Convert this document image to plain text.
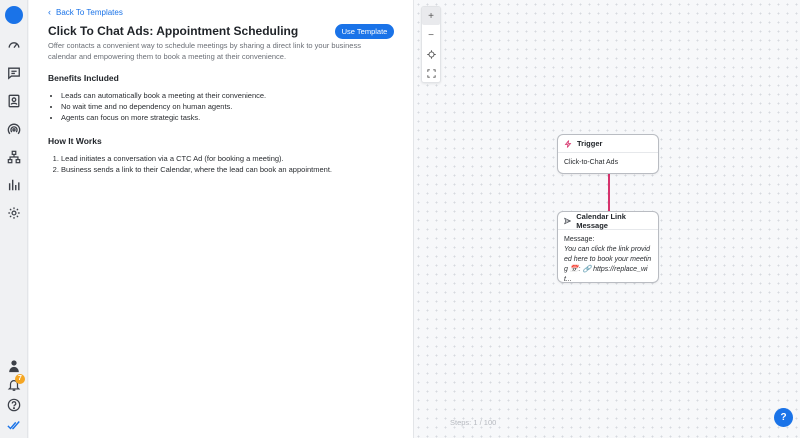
7
‹ Back To Templates
Click To Chat Ads: Appointment Scheduling	Use Template
Offer contacts a convenient way to schedule meetings by sharing a direct link to your business calendar and empowering them to book a meeting at their convenience.
Benefits Included
• Leads can automatically book a meeting at their convenience.
• No wait time and no dependency on human agents.
• Agents can focus on more strategic tasks.
How It Works
1. Lead initiates a conversation via a CTC Ad (for booking a meeting).
2. Business sends a link to their Calendar, where the lead can book an appointment.
+
−
Trigger
Click-to-Chat Ads
Calendar Link Message
Message:
You can click the link provided here to book your meeting 📅: 🔗 https://replace_wit...
Steps: 1 / 100	?
